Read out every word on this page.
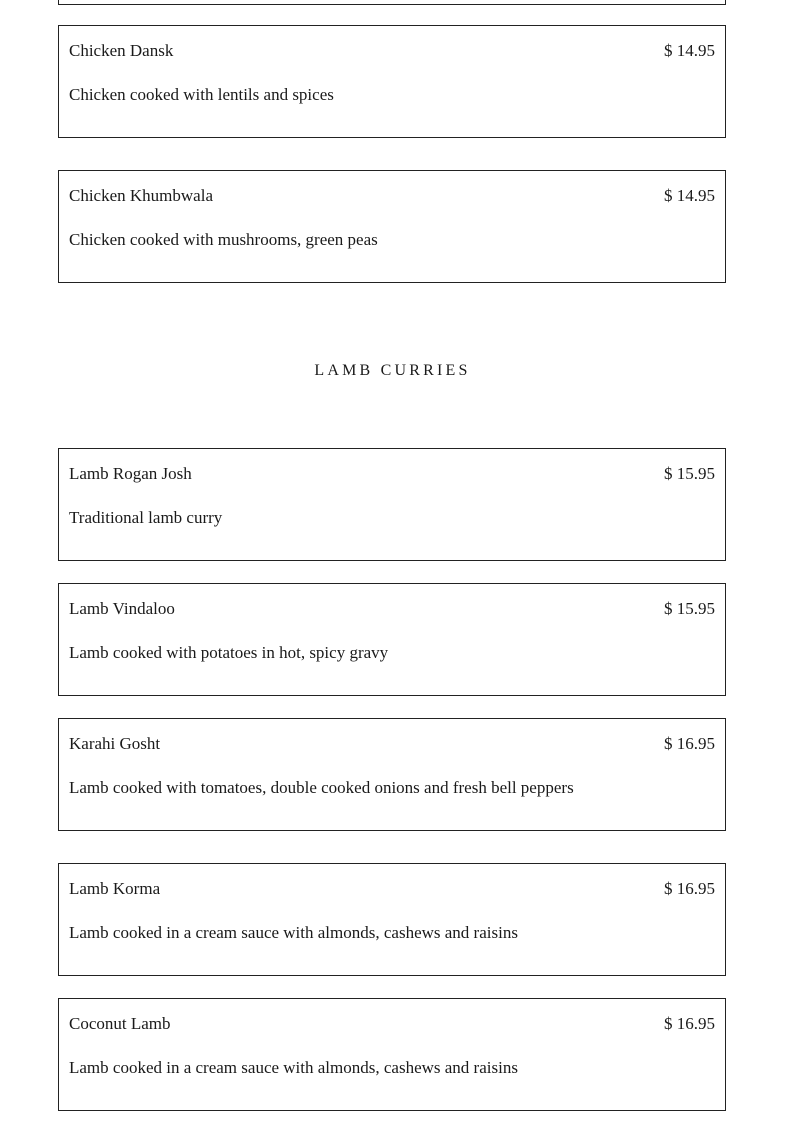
Chicken Dansk	$ 14.95
Chicken cooked with lentils and spices
Chicken Khumbwala	$ 14.95
Chicken cooked with mushrooms, green peas
LAMB CURRIES
Lamb Rogan Josh	$ 15.95
Traditional lamb curry
Lamb Vindaloo	$ 15.95
Lamb cooked with potatoes in hot, spicy gravy
Karahi Gosht	$ 16.95
Lamb cooked with tomatoes, double cooked onions and fresh bell peppers
Lamb Korma	$ 16.95
Lamb cooked in a cream sauce with almonds, cashews and raisins
Coconut Lamb	$ 16.95
Lamb cooked in a cream sauce with almonds, cashews and raisins
